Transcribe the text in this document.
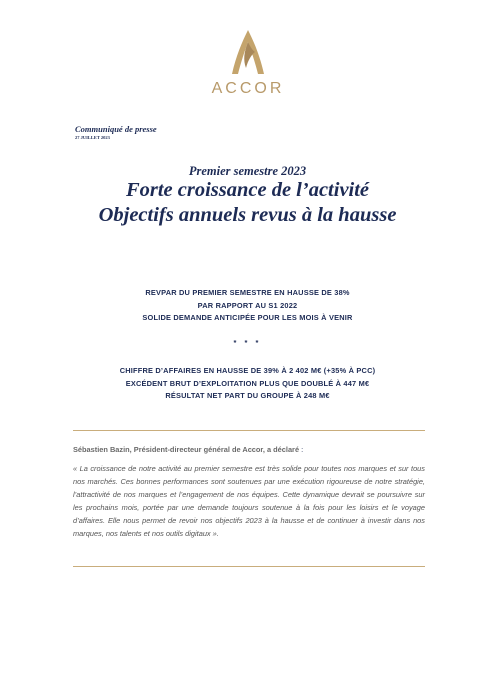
ACCOR
Communiqué de presse
27 JUILLET 2023
Premier semestre 2023
Forte croissance de l’activité
Objectifs annuels revus à la hausse
REVPAR DU PREMIER SEMESTRE EN HAUSSE DE 38%
PAR RAPPORT AU S1 2022
SOLIDE DEMANDE ANTICIPÉE POUR LES MOIS À VENIR
* * *
CHIFFRE D’AFFAIRES EN HAUSSE DE 39% À 2 402 M€ (+35% À PCC)
EXCÉDENT BRUT D’EXPLOITATION PLUS QUE DOUBLÉ À 447 M€
RÉSULTAT NET PART DU GROUPE À 248 M€
Sébastien Bazin, Président-directeur général de Accor, a déclaré :
« La croissance de notre activité au premier semestre est très solide pour toutes nos marques et sur tous nos marchés. Ces bonnes performances sont soutenues par une exécution rigoureuse de notre stratégie, l’attractivité de nos marques et l’engagement de nos équipes. Cette dynamique devrait se poursuivre sur les prochains mois, portée par une demande toujours soutenue à la fois pour les loisirs et le voyage d’affaires. Elle nous permet de revoir nos objectifs 2023 à la hausse et de continuer à investir dans nos marques, nos talents et nos outils digitaux ».
